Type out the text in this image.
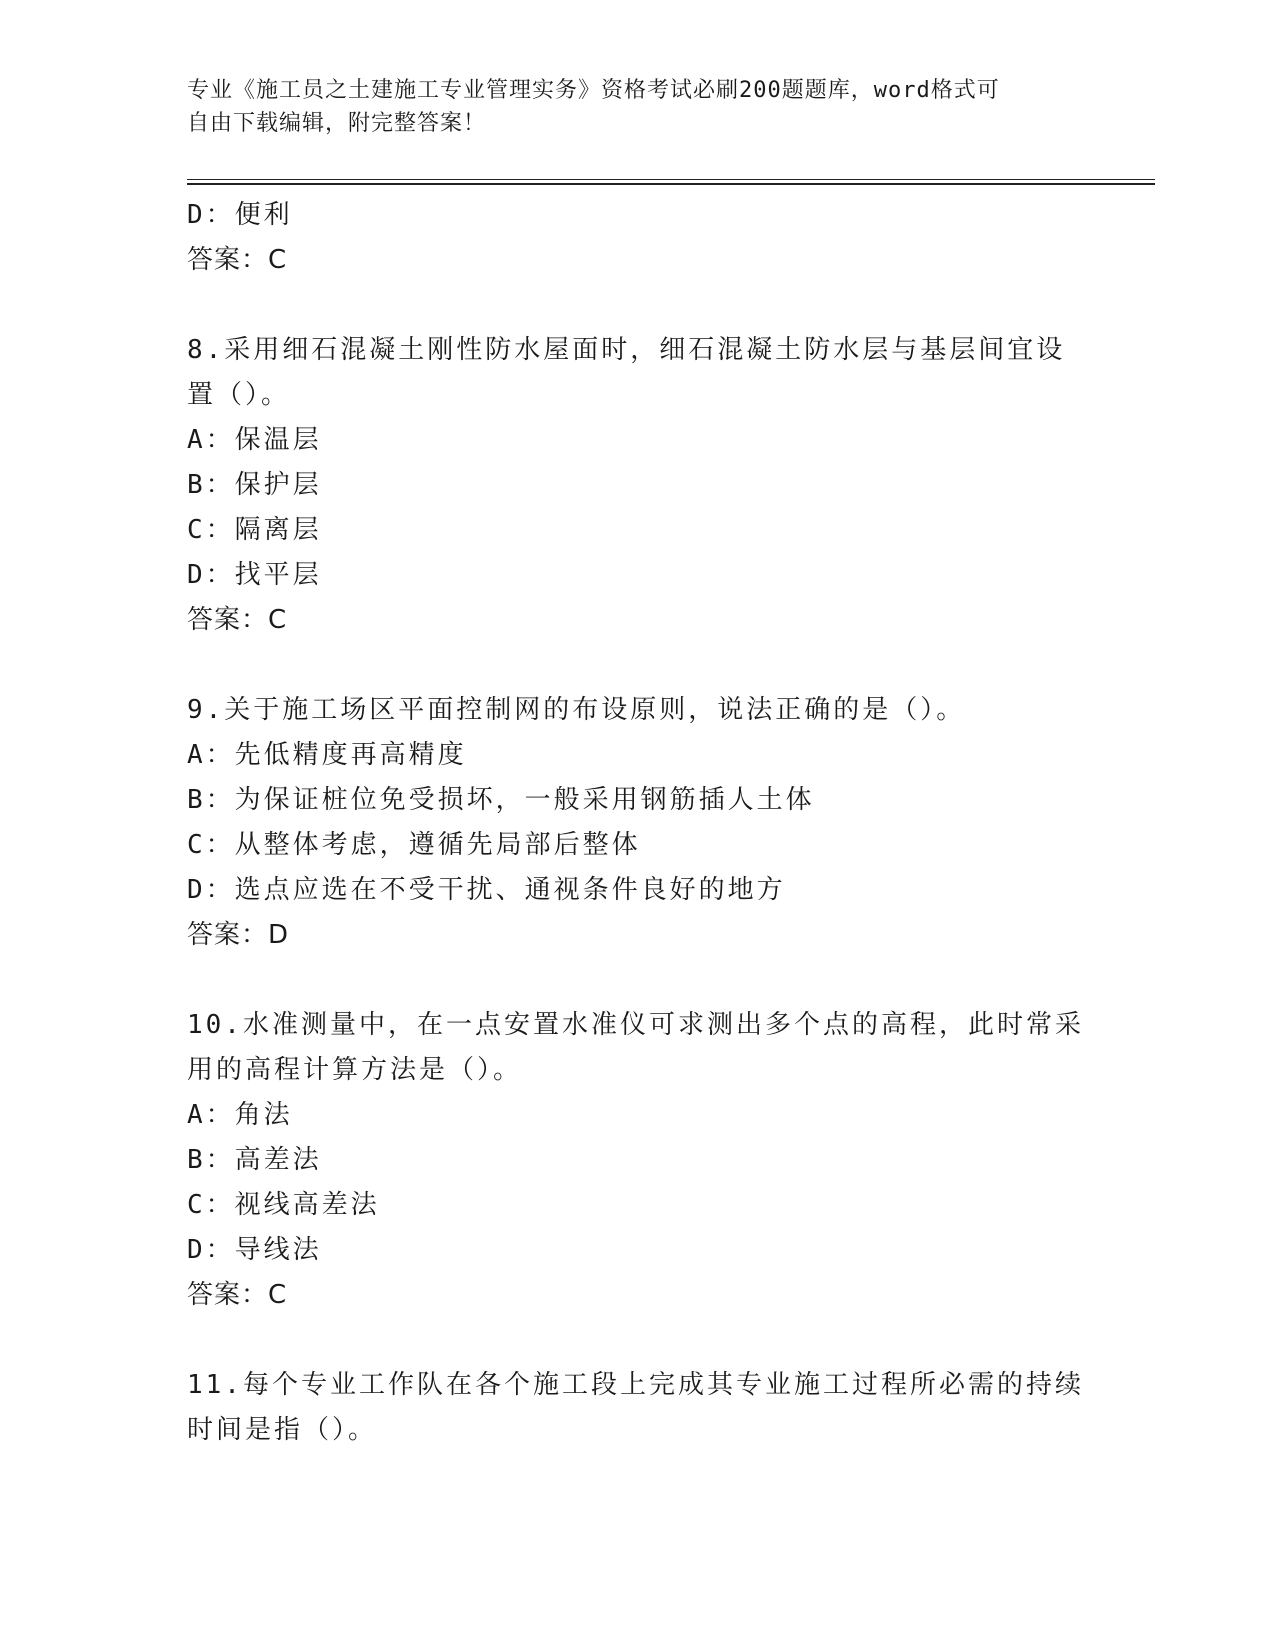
专业《施工员之土建施工专业管理实务》资格考试必刷200题题库，word格式可
自由下载编辑，附完整答案！
D：便利
答案：C
8.采用细石混凝土刚性防水屋面时，细石混凝土防水层与基层间宜设
置（）。
A：保温层
B：保护层
C：隔离层
D：找平层
答案：C
9.关于施工场区平面控制网的布设原则，说法正确的是（）。
A：先低精度再高精度
B：为保证桩位免受损坏，一般采用钢筋插人土体
C：从整体考虑，遵循先局部后整体
D：选点应选在不受干扰、通视条件良好的地方
答案：D
10.水准测量中，在一点安置水准仪可求测出多个点的高程，此时常采
用的高程计算方法是（）。
A：角法
B：高差法
C：视线高差法
D：导线法
答案：C
11.每个专业工作队在各个施工段上完成其专业施工过程所必需的持续
时间是指（）。
